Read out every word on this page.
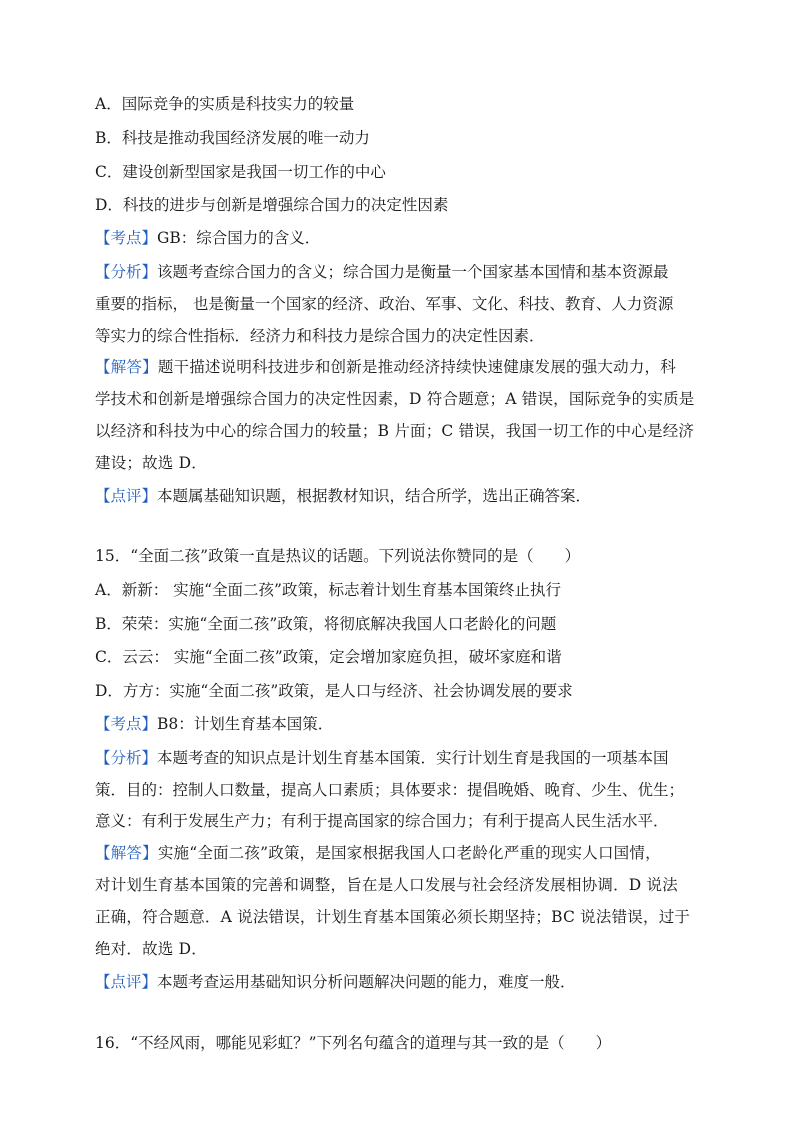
A．国际竞争的实质是科技实力的较量
B．科技是推动我国经济发展的唯一动力
C．建设创新型国家是我国一切工作的中心
D．科技的进步与创新是增强综合国力的决定性因素
【考点】GB：综合国力的含义．
【分析】该题考查综合国力的含义；综合国力是衡量一个国家基本国情和基本资源最
重要的指标， 也是衡量一个国家的经济、政治、军事、文化、科技、教育、人力资源
等实力的综合性指标．经济力和科技力是综合国力的决定性因素．
【解答】题干描述说明科技进步和创新是推动经济持续快速健康发展的强大动力，科
学技术和创新是增强综合国力的决定性因素，D 符合题意；A 错误，国际竞争的实质是
以经济和科技为中心的综合国力的较量；B 片面；C 错误，我国一切工作的中心是经济
建设；故选 D．
【点评】本题属基础知识题，根据教材知识，结合所学，选出正确答案．
15．“全面二孩”政策一直是热议的话题。下列说法你赞同的是（　　）
A．新新： 实施“全面二孩”政策，标志着计划生育基本国策终止执行
B．荣荣：实施“全面二孩”政策，将彻底解决我国人口老龄化的问题
C．云云： 实施“全面二孩”政策，定会增加家庭负担，破坏家庭和谐
D．方方：实施“全面二孩”政策，是人口与经济、社会协调发展的要求
【考点】B8：计划生育基本国策．
【分析】本题考查的知识点是计划生育基本国策．实行计划生育是我国的一项基本国
策．目的：控制人口数量，提高人口素质；具体要求：提倡晚婚、晚育、少生、优生；
意义：有利于发展生产力；有利于提高国家的综合国力；有利于提高人民生活水平．
【解答】实施“全面二孩”政策，是国家根据我国人口老龄化严重的现实人口国情，
对计划生育基本国策的完善和调整，旨在是人口发展与社会经济发展相协调．D 说法
正确，符合题意．A 说法错误，计划生育基本国策必须长期坚持；BC 说法错误，过于
绝对．故选 D．
【点评】本题考查运用基础知识分析问题解决问题的能力，难度一般．
16．“不经风雨，哪能见彩虹？”下列名句蕴含的道理与其一致的是（　　）
